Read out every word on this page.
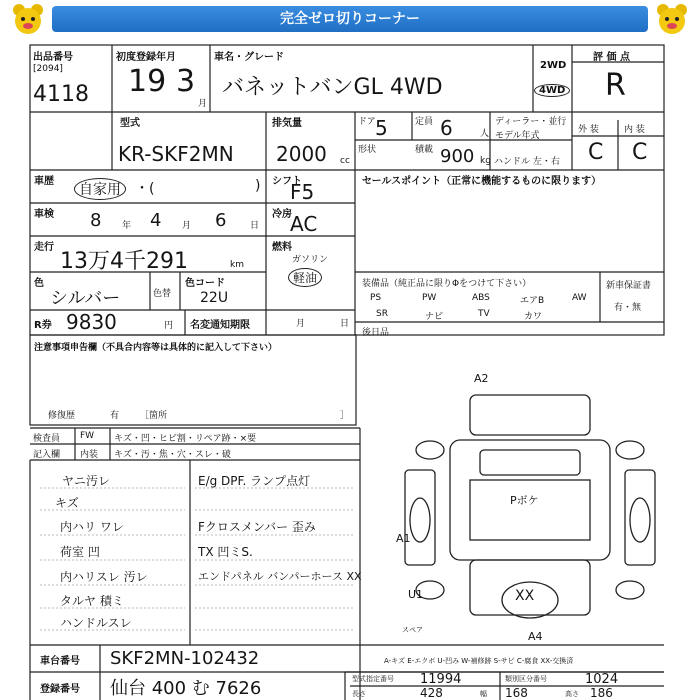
完全ゼロ切りコーナー
出品番号
[2094]
4118
初度登録年月
19 3
月
車名・グレード
バネットバンGL 4WD
2WD
4WD
評 価 点
R
型式
KR-SKF2MN
排気量
2000 cc
ドア 5	定員 6	人
ディーラー・並行
モデル年式
形状	積載 900 kg ハンドル 左・右
外 装	内 装
C C
車歴
自家用	・(	) シフト
F5
車検 8 年 4 月 6	日
冷房
AC
走行
13万4千291	km
燃料
ガソリン
軽油
色
シルバー	色替
色コード
22U
R券 9830	円 名変通知期限	月	日
セールスポイント（正常に機能するものに限ります）
装備品（純正品に限りΦをつけて下さい）
PS	PW	ABS	エアB	AW
SR	ナビ	TV	カワ
新車保証書
有・無
後日品
注意事項申告欄（不具合内容等は具体的に記入して下さい）
修復歴	有 ［箇所	］
検査員 FW キズ・凹・ヒビ割・リペア跡・×要
記入欄 内装 キズ・汚・焦・穴・スレ・破
ヤニ汚レ
キズ
内ハリ ワレ
荷室 凹
内ハリスレ 汚レ
タルヤ 積ミ
ハンドルスレ
E/g DPF. ランプ点灯
Fクロスメンバー 歪み
TX 凹ミS.
エンドパネル バンパーホース XX
A2
Pボケ
A1
U1	XX
スペア	A4
車台番号 SKF2MN-102432	A-キズ E-エクボ U-凹み W-補修跡 S-サビ C-腐食 XX-交換済
登録番号 仙台 400 む 7626	型式指定番号 11994	類別区分番号	1024
長さ	428	幅 168	高さ 186
